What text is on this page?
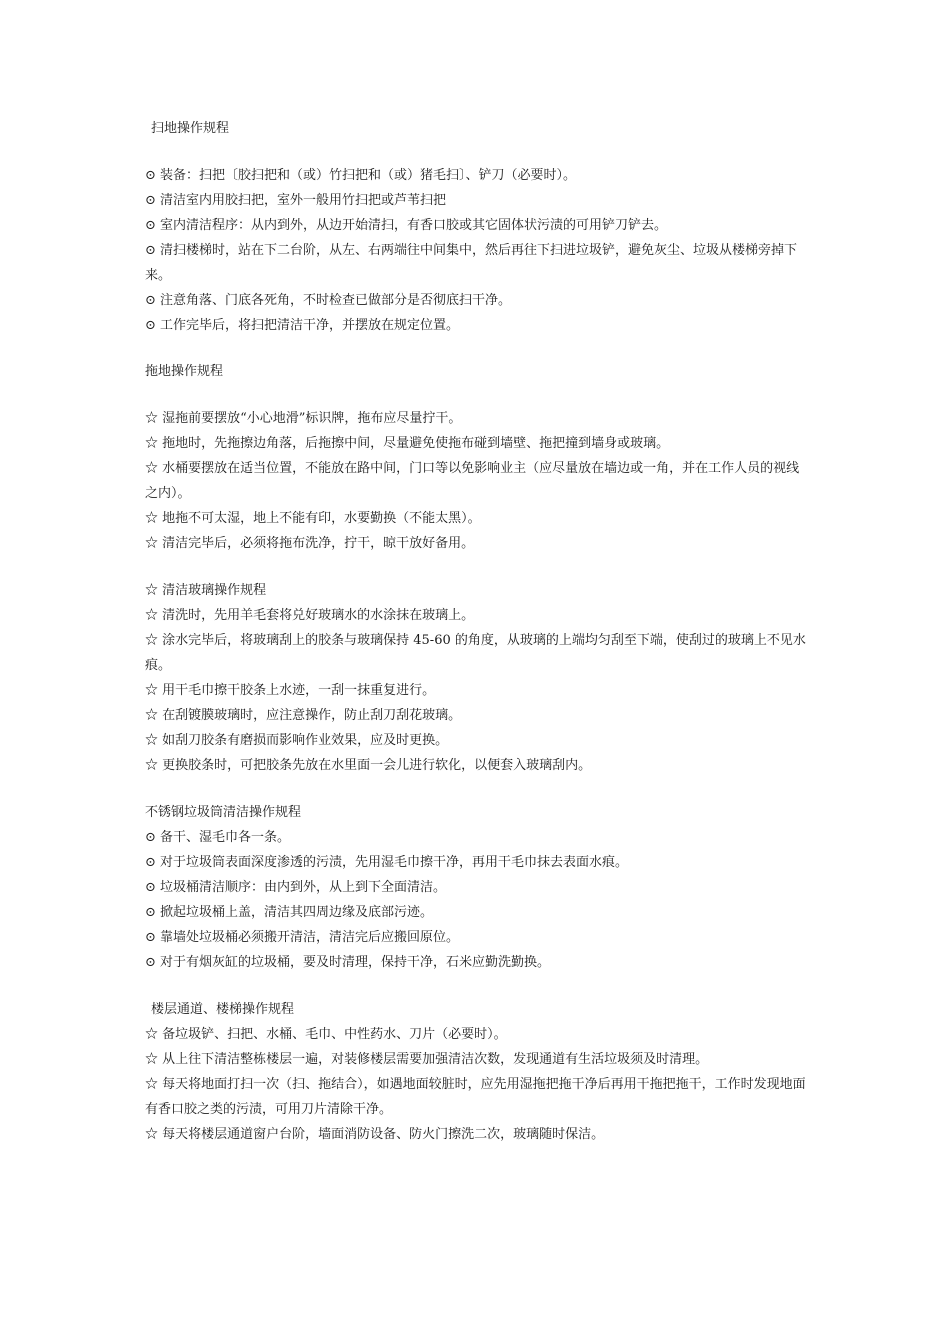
扫地操作规程

⊙ 装备：扫把〔胶扫把和（或）竹扫把和（或）猪毛扫〕、铲刀（必要时）。

⊙ 清洁室内用胶扫把，室外一般用竹扫把或芦苇扫把

⊙ 室内清洁程序：从内到外，从边开始清扫，有香口胶或其它固体状污渍的可用铲刀铲去。

⊙ 清扫楼梯时，站在下二台阶，从左、右两端往中间集中，然后再往下扫进垃圾铲，避免灰尘、垃圾从楼梯旁掉下来。

⊙ 注意角落、门底各死角，不时检查已做部分是否彻底扫干净。

⊙ 工作完毕后，将扫把清洁干净，并摆放在规定位置。

拖地操作规程

☆ 湿拖前要摆放“小心地滑”标识牌，拖布应尽量拧干。

☆ 拖地时，先拖擦边角落，后拖擦中间，尽量避免使拖布碰到墙壁、拖把撞到墙身或玻璃。

☆ 水桶要摆放在适当位置，不能放在路中间，门口等以免影响业主（应尽量放在墙边或一角，并在工作人员的视线之内）。

☆ 地拖不可太湿，地上不能有印，水要勤换（不能太黑）。

☆ 清洁完毕后，必须将拖布洗净，拧干，晾干放好备用。

☆ 清洁玻璃操作规程

☆ 清洗时，先用羊毛套将兑好玻璃水的水涂抹在玻璃上。

☆ 涂水完毕后，将玻璃刮上的胶条与玻璃保持 45-60 的角度，从玻璃的上端均匀刮至下端，使刮过的玻璃上不见水痕。

☆ 用干毛巾擦干胶条上水迹，一刮一抹重复进行。

☆ 在刮镀膜玻璃时，应注意操作，防止刮刀刮花玻璃。

☆ 如刮刀胶条有磨损而影响作业效果，应及时更换。

☆ 更换胶条时，可把胶条先放在水里面一会儿进行软化，以便套入玻璃刮内。

不锈钢垃圾筒清洁操作规程

⊙ 备干、湿毛巾各一条。

⊙ 对于垃圾筒表面深度渗透的污渍，先用湿毛巾擦干净，再用干毛巾抹去表面水痕。

⊙ 垃圾桶清洁顺序：由内到外，从上到下全面清洁。

⊙ 掀起垃圾桶上盖，清洁其四周边缘及底部污迹。

⊙ 靠墙处垃圾桶必须搬开清洁，清洁完后应搬回原位。

⊙ 对于有烟灰缸的垃圾桶，要及时清理，保持干净，石米应勤洗勤换。

楼层通道、楼梯操作规程

☆ 备垃圾铲、扫把、水桶、毛巾、中性药水、刀片（必要时）。

☆ 从上往下清洁整栋楼层一遍，对装修楼层需要加强清洁次数，发现通道有生活垃圾须及时清理。

☆ 每天将地面打扫一次（扫、拖结合），如遇地面较脏时，应先用湿拖把拖干净后再用干拖把拖干，工作时发现地面有香口胶之类的污渍，可用刀片清除干净。

☆ 每天将楼层通道窗户台阶，墙面消防设备、防火门擦洗二次，玻璃随时保洁。
